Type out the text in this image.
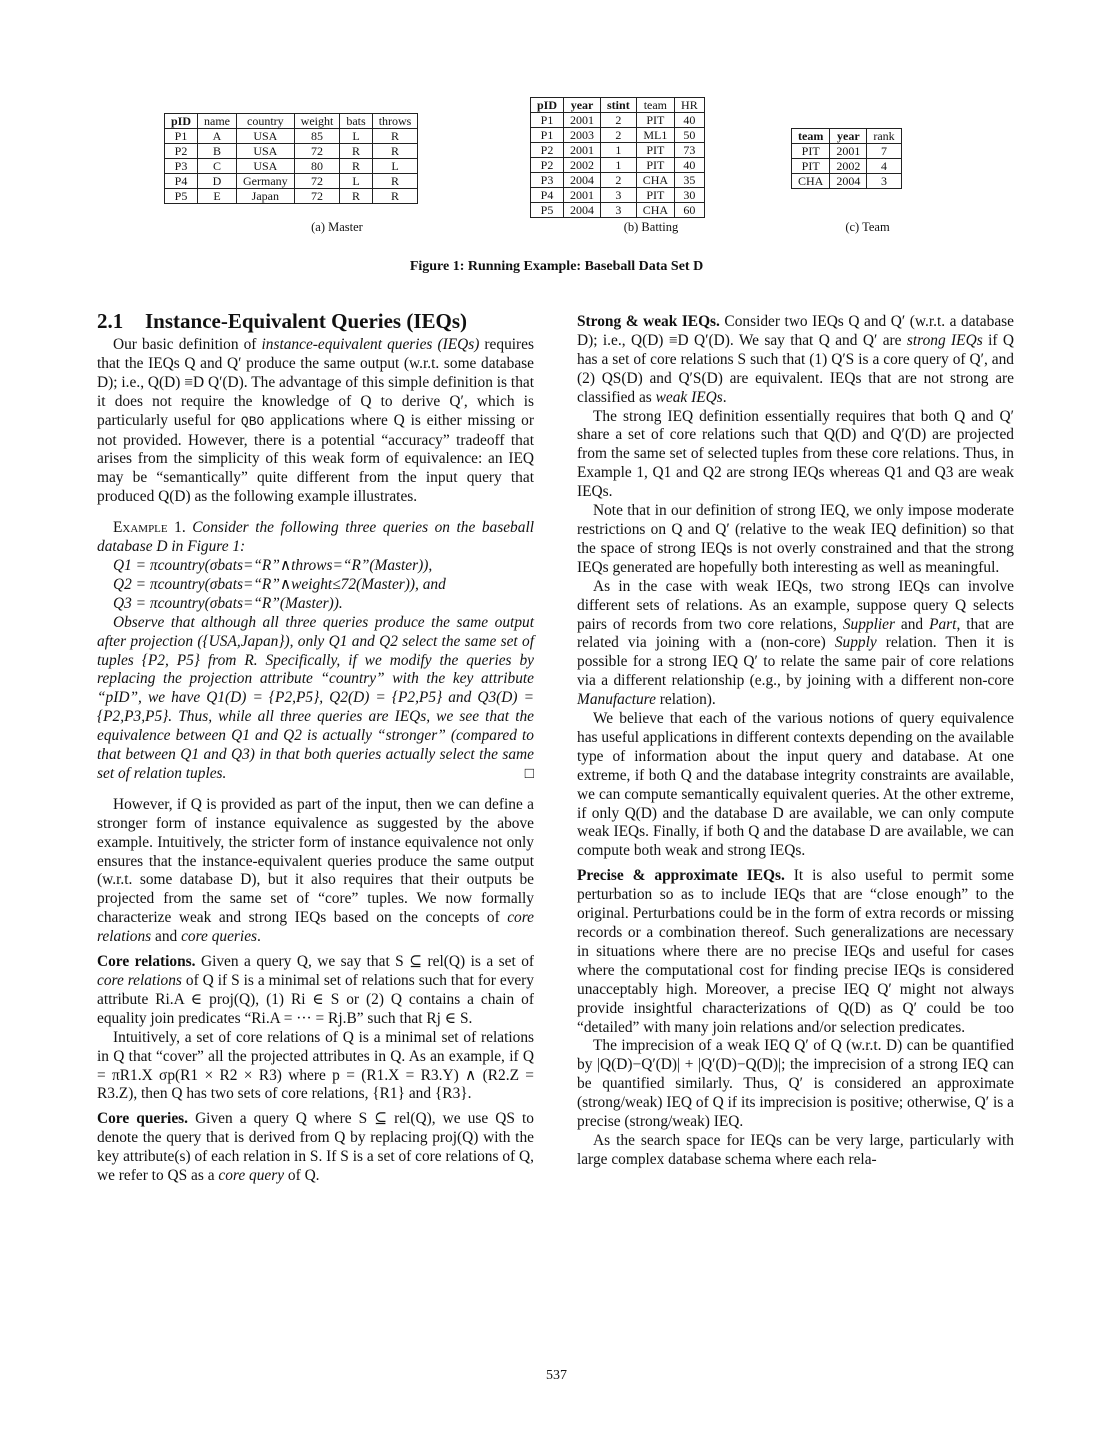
pID	name	country	weight	bats	throws
P1	A	USA	85	L	R
P2	B	USA	72	R	R
P3	C	USA	80	R	L
P4	D	Germany	72	L	R
P5	E	Japan	72	R	R
(a) Master
pID	year	stint	team	HR
P1	2001	2	PIT	40
P1	2003	2	ML1	50
P2	2001	1	PIT	73
P2	2002	1	PIT	40
P3	2004	2	CHA	35
P4	2001	3	PIT	30
P5	2004	3	CHA	60
(b) Batting
team	year	rank
PIT	2001	7
PIT	2002	4
CHA	2004	3
(c) Team
Figure 1: Running Example: Baseball Data Set D
2.1 Instance-Equivalent Queries (IEQs)

Our basic definition of instance-equivalent queries (IEQs) requires that the IEQs Q and Q′ produce the same output (w.r.t. some database D); i.e., Q(D) ≡D Q′(D). The advantage of this simple definition is that it does not require the knowledge of Q to derive Q′, which is particularly useful for QBO applications where Q is either missing or not provided. However, there is a potential “accuracy” tradeoff that arises from the simplicity of this weak form of equivalence: an IEQ may be “semantically” quite different from the input query that produced Q(D) as the following example illustrates.

Example 1. Consider the following three queries on the baseball database D in Figure 1:

Q1 = πcountry(σbats=“R”∧throws=“R”(Master)),
Q2 = πcountry(σbats=“R”∧weight≤72(Master)), and
Q3 = πcountry(σbats=“R”(Master)).

Observe that although all three queries produce the same output after projection ({USA,Japan}), only Q1 and Q2 select the same set of tuples {P2, P5} from R. Specifically, if we modify the queries by replacing the projection attribute “country” with the key attribute “pID”, we have Q1(D) = {P2,P5}, Q2(D) = {P2,P5} and Q3(D) = {P2,P3,P5}. Thus, while all three queries are IEQs, we see that the equivalence between Q1 and Q2 is actually “stronger” (compared to that between Q1 and Q3) in that both queries actually select the same set of relation tuples.	□

However, if Q is provided as part of the input, then we can define a stronger form of instance equivalence as suggested by the above example. Intuitively, the stricter form of instance equivalence not only ensures that the instance-equivalent queries produce the same output (w.r.t. some database D), but it also requires that their outputs be projected from the same set of “core” tuples. We now formally characterize weak and strong IEQs based on the concepts of core relations and core queries.

Core relations. Given a query Q, we say that S ⊆ rel(Q) is a set of core relations of Q if S is a minimal set of relations such that for every attribute Ri.A ∈ proj(Q), (1) Ri ∈ S or (2) Q contains a chain of equality join predicates “Ri.A = ··· = Rj.B” such that Rj ∈ S.

Intuitively, a set of core relations of Q is a minimal set of relations in Q that “cover” all the projected attributes in Q. As an example, if Q = πR1.X σp(R1 × R2 × R3) where p = (R1.X = R3.Y) ∧ (R2.Z = R3.Z), then Q has two sets of core relations, {R1} and {R3}.

Core queries. Given a query Q where S ⊆ rel(Q), we use QS to denote the query that is derived from Q by replacing proj(Q) with the key attribute(s) of each relation in S. If S is a set of core relations of Q, we refer to QS as a core query of Q.

Strong & weak IEQs. Consider two IEQs Q and Q′ (w.r.t. a database D); i.e., Q(D) ≡D Q′(D). We say that Q and Q′ are strong IEQs if Q has a set of core relations S such that (1) Q′S is a core query of Q′, and (2) QS(D) and Q′S(D) are equivalent. IEQs that are not strong are classified as weak IEQs.

The strong IEQ definition essentially requires that both Q and Q′ share a set of core relations such that Q(D) and Q′(D) are projected from the same set of selected tuples from these core relations. Thus, in Example 1, Q1 and Q2 are strong IEQs whereas Q1 and Q3 are weak IEQs.

Note that in our definition of strong IEQ, we only impose moderate restrictions on Q and Q′ (relative to the weak IEQ definition) so that the space of strong IEQs is not overly constrained and that the strong IEQs generated are hopefully both interesting as well as meaningful.

As in the case with weak IEQs, two strong IEQs can involve different sets of relations. As an example, suppose query Q selects pairs of records from two core relations, Supplier and Part, that are related via joining with a (non-core) Supply relation. Then it is possible for a strong IEQ Q′ to relate the same pair of core relations via a different relationship (e.g., by joining with a different non-core Manufacture relation).

We believe that each of the various notions of query equivalence has useful applications in different contexts depending on the available type of information about the input query and database. At one extreme, if both Q and the database integrity constraints are available, we can compute semantically equivalent queries. At the other extreme, if only Q(D) and the database D are available, we can only compute weak IEQs. Finally, if both Q and the database D are available, we can compute both weak and strong IEQs.

Precise & approximate IEQs. It is also useful to permit some perturbation so as to include IEQs that are “close enough” to the original. Perturbations could be in the form of extra records or missing records or a combination thereof. Such generalizations are necessary in situations where there are no precise IEQs and useful for cases where the computational cost for finding precise IEQs is considered unacceptably high. Moreover, a precise IEQ Q′ might not always provide insightful characterizations of Q(D) as Q′ could be too “detailed” with many join relations and/or selection predicates.

The imprecision of a weak IEQ Q′ of Q (w.r.t. D) can be quantified by |Q(D)−Q′(D)| + |Q′(D)−Q(D)|; the imprecision of a strong IEQ can be quantified similarly. Thus, Q′ is considered an approximate (strong/weak) IEQ of Q if its imprecision is positive; otherwise, Q′ is a precise (strong/weak) IEQ.

As the search space for IEQs can be very large, particularly with large complex database schema where each rela-

537
